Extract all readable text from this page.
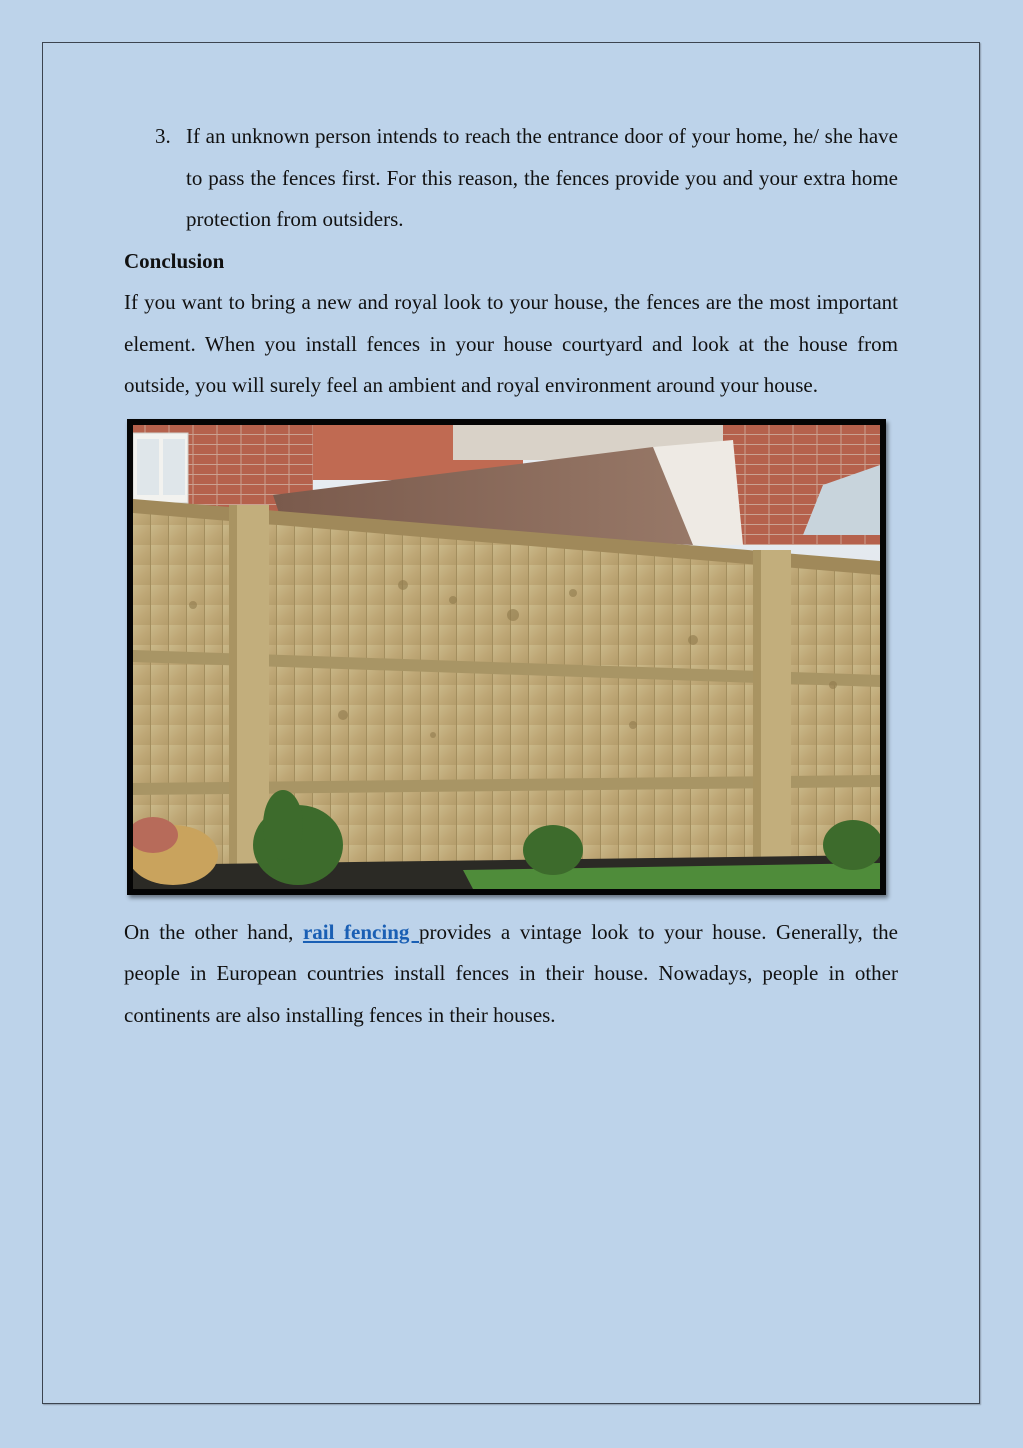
3. If an unknown person intends to reach the entrance door of your home, he/ she have to pass the fences first. For this reason, the fences provide you and your extra home protection from outsiders.
Conclusion

If you want to bring a new and royal look to your house, the fences are the most important element. When you install fences in your house courtyard and look at the house from outside, you will surely feel an ambient and royal environment around your house.

On the other hand, rail fencing provides a vintage look to your house. Generally, the people in European countries install fences in their house. Nowadays, people in other continents are also installing fences in their houses.
